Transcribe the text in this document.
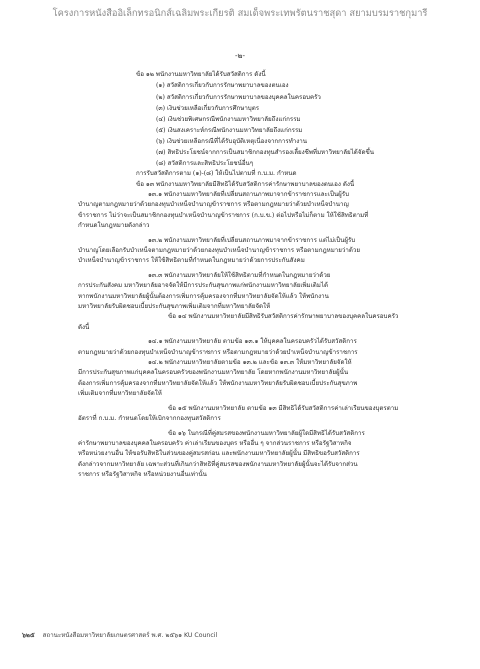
โครงการหนังสืออิเล็กทรอนิกส์เฉลิมพระเกียรติ สมเด็จพระเทพรัตนราชสุดา สยามบรมราชกุมารี
-๒-

ข้อ ๑๒ พนักงานมหาวิทยาลัยได้รับสวัสดิการ ดังนี้

(๑) สวัสดิการเกี่ยวกับการรักษาพยาบาลของตนเอง
(๒) สวัสดิการเกี่ยวกับการรักษาพยาบาลของบุคคลในครอบครัว
(๓) เงินช่วยเหลือเกี่ยวกับการศึกษาบุตร
(๔) เงินช่วยพิเศษกรณีพนักงานมหาวิทยาลัยถึงแก่กรรม
(๕) เงินสงเคราะห์กรณีพนักงานมหาวิทยาลัยถึงแก่กรรม
(๖) เงินช่วยเหลือกรณีที่ได้รับอุบัติเหตุเนื่องจากการทำงาน
(๗) สิทธิประโยชน์จากการเป็นสมาชิกกองทุนสำรองเลี้ยงชีพที่มหาวิทยาลัยได้จัดขึ้น
(๘) สวัสดิการและสิทธิประโยชน์อื่นๆ

การรับสวัสดิการตาม (๑)-(๘) ให้เป็นไปตามที่ ก.บ.ม. กำหนด

ข้อ ๑๓ พนักงานมหาวิทยาลัยมีสิทธิได้รับสวัสดิการค่ารักษาพยาบาลของตนเอง ดังนี้

๑๓.๑ พนักงานมหาวิทยาลัยที่เปลี่ยนสถานภาพมาจากข้าราชการและเป็นผู้รับ

บำนาญตามกฎหมายว่าด้วยกองทุนบำเหน็จบำนาญข้าราชการ หรือตามกฎหมายว่าด้วยบำเหน็จบำนาญ

ข้าราชการ ไม่ว่าจะเป็นสมาชิกกองทุนบำเหน็จบำนาญข้าราชการ (ก.บ.ข.) ต่อไปหรือไม่ก็ตาม ให้ใช้สิทธิตามที่

กำหนดในกฎหมายดังกล่าว

๑๓.๒ พนักงานมหาวิทยาลัยที่เปลี่ยนสถานภาพมาจากข้าราชการ แต่ไม่เป็นผู้รับ

บำนาญโดยเลือกรับบำเหน็จตามกฎหมายว่าด้วยกองทุนบำเหน็จบำนาญข้าราชการ หรือตามกฎหมายว่าด้วย

บำเหน็จบำนาญข้าราชการ ให้ใช้สิทธิตามที่กำหนดในกฎหมายว่าด้วยการประกันสังคม

๑๓.๓ พนักงานมหาวิทยาลัยให้ใช้สิทธิตามที่กำหนดในกฎหมายว่าด้วย

การประกันสังคม มหาวิทยาลัยอาจจัดให้มีการประกันสุขภาพแก่พนักงานมหาวิทยาลัยเพิ่มเติมได้

หากพนักงานมหาวิทยาลัยผู้นั้นต้องการเพิ่มการคุ้มครองจากที่มหาวิทยาลัยจัดให้แล้ว ให้พนักงาน

มหาวิทยาลัยรับผิดชอบเบี้ยประกันสุขภาพเพิ่มเติมจากที่มหาวิทยาลัยจัดให้

ข้อ ๑๔ พนักงานมหาวิทยาลัยมีสิทธิรับสวัสดิการค่ารักษาพยาบาลของบุคคลในครอบครัว

ดังนี้

๑๔.๑ พนักงานมหาวิทยาลัย ตามข้อ ๑๓.๑ ให้บุคคลในครอบครัวได้รับสวัสดิการ

ตามกฎหมายว่าด้วยกองทุนบำเหน็จบำนาญข้าราชการ หรือตามกฎหมายว่าด้วยบำเหน็จบำนาญข้าราชการ

๑๔.๒ พนักงานมหาวิทยาลัยตามข้อ ๑๓.๒ และข้อ ๑๓.๓ ให้มหาวิทยาลัยจัดให้

มีการประกันสุขภาพแก่บุคคลในครอบครัวของพนักงานมหาวิทยาลัย โดยหากพนักงานมหาวิทยาลัยผู้นั้น

ต้องการเพิ่มการคุ้มครองจากที่มหาวิทยาลัยจัดให้แล้ว ให้พนักงานมหาวิทยาลัยรับผิดชอบเบี้ยประกันสุขภาพ

เพิ่มเติมจากที่มหาวิทยาลัยจัดให้

ข้อ ๑๕ พนักงานมหาวิทยาลัย ตามข้อ ๑๓ มีสิทธิได้รับสวัสดิการค่าเล่าเรียนของบุตรตาม

อัตราที่ ก.บ.ม. กำหนดโดยให้เบิกจากกองทุนสวัสดิการ

ข้อ ๑๖ ในกรณีที่คู่สมรสของพนักงานมหาวิทยาลัยผู้ใดมีสิทธิได้รับสวัสดิการ

ค่ารักษาพยาบาลของบุคคลในครอบครัว ค่าเล่าเรียนของบุตร หรืออื่น ๆ จากส่วนราชการ หรือรัฐวิสาหกิจ

หรือหน่วยงานอื่น ให้ขอรับสิทธิในส่วนของคู่สมรสก่อน และพนักงานมหาวิทยาลัยผู้นั้น มีสิทธิขอรับสวัสดิการ

ดังกล่าวจากมหาวิทยาลัย เฉพาะส่วนที่เกินกว่าสิทธิที่คู่สมรสของพนักงานมหาวิทยาลัยผู้นั้นจะได้รับจากส่วน

ราชการ หรือรัฐวิสาหกิจ หรือหน่วยงานอื่นเท่านั้น

๖๒๕ สถานะหนังสือมหาวิทยาลัยเกษตรศาสตร์ พ.ศ. ๒๕๖๑ KU Council
